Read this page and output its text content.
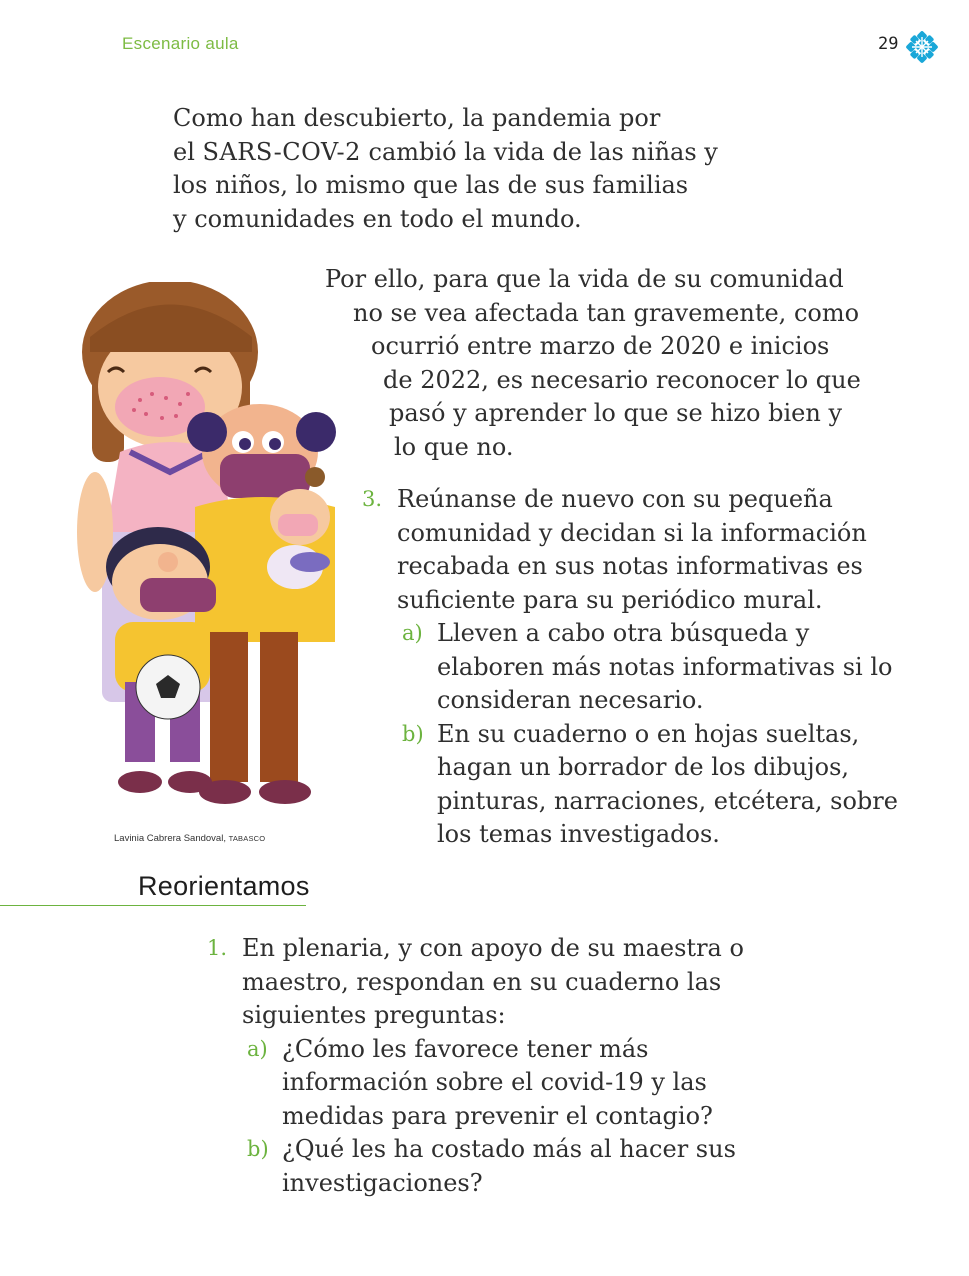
Escenario aula	29
Como han descubierto, la pandemia por
el SARS-COV-2 cambió la vida de las niñas y
los niños, lo mismo que las de sus familias
y comunidades en todo el mundo.
Por ello, para que la vida de su comunidad
no se vea afectada tan gravemente, como
ocurrió entre marzo de 2020 e inicios
de 2022, es necesario reconocer lo que
pasó y aprender lo que se hizo bien y
lo que no.
3. Reúnanse de nuevo con su pequeña comunidad y decidan si la información recabada en sus notas informativas es suficiente para su periódico mural.
a) Lleven a cabo otra búsqueda y elaboren más notas informativas si lo consideran necesario.
b) En su cuaderno o en hojas sueltas, hagan un borrador de los dibujos, pinturas, narraciones, etcétera, sobre los temas investigados.
Lavinia Cabrera Sandoval, TABASCO
Reorientamos
1. En plenaria, y con apoyo de su maestra o maestro, respondan en su cuaderno las siguientes preguntas:
a) ¿Cómo les favorece tener más información sobre el covid-19 y las medidas para prevenir el contagio?
b) ¿Qué les ha costado más al hacer sus investigaciones?
